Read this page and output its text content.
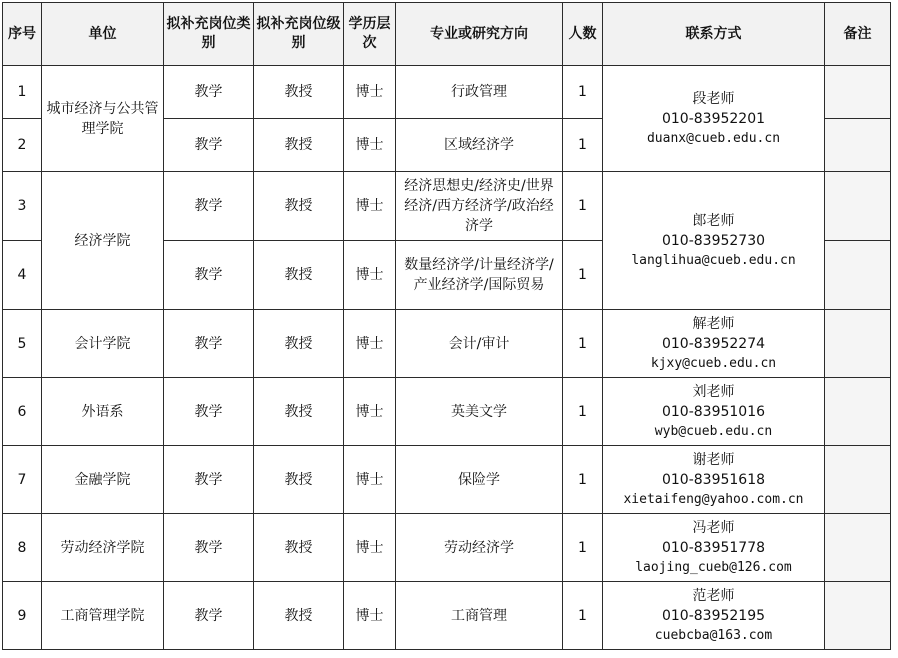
序号	单位	拟补充岗位类别	拟补充岗位级别	学历层次	专业或研究方向	人数	联系方式	备注
1	城市经济与公共管理学院	教学	教授	博士	行政管理	1	段老师
010-83952201
duanx@cueb.edu.cn	

2		教学	教授	博士	区域经济学	1		
3	经济学院	教学	教授	博士	经济思想史/经济史/世界经济/西方经济学/政治经济学	1	郎老师
010-83952730
langlihua@cueb.edu.cn	

4		教学	教授	博士	数量经济学/计量经济学/产业经济学/国际贸易	1		
5	会计学院	教学	教授	博士	会计/审计	1	解老师
010-83952274
kjxy@cueb.edu.cn	

6	外语系	教学	教授	博士	英美文学	1	刘老师
010-83951016
wyb@cueb.edu.cn	

7	金融学院	教学	教授	博士	保险学	1	谢老师
010-83951618
xietaifeng@yahoo.com.cn	

8	劳动经济学院	教学	教授	博士	劳动经济学	1	冯老师
010-83951778
laojing_cueb@126.com	

9	工商管理学院	教学	教授	博士	工商管理	1	范老师
010-83952195
cuebcba@163.com	
